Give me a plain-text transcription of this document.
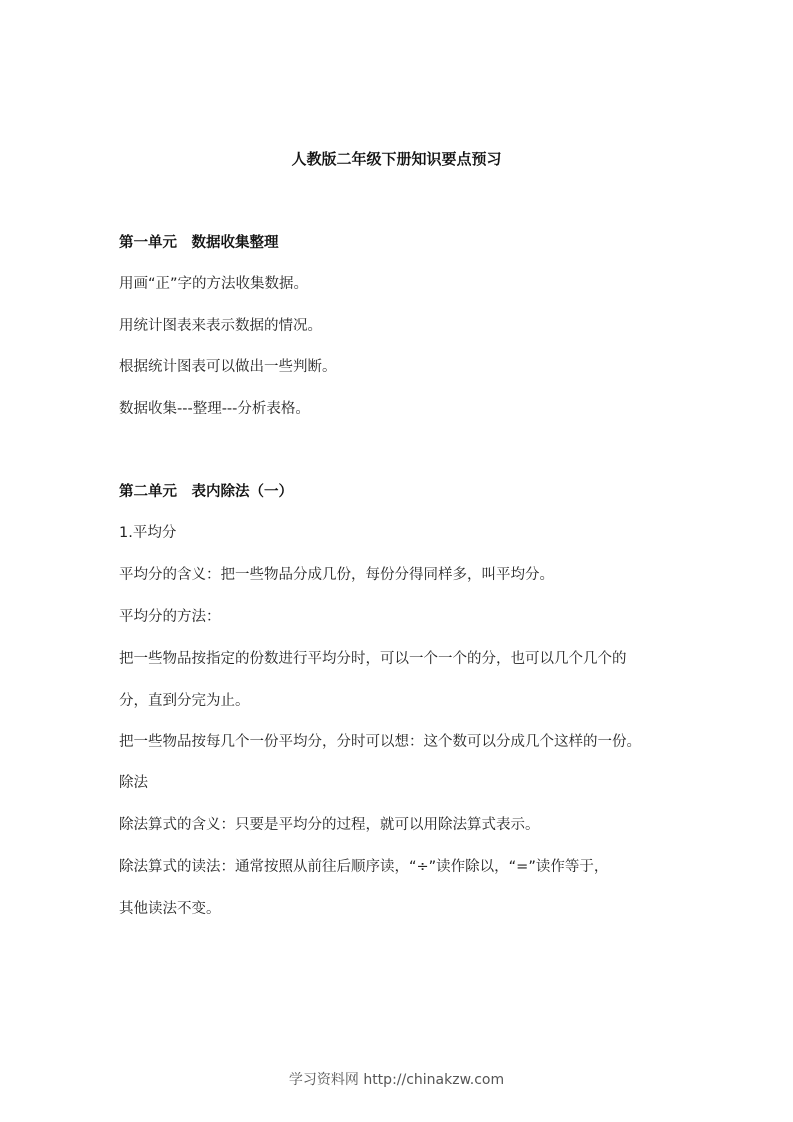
人教版二年级下册知识要点预习
第一单元　数据收集整理
用画“正”字的方法收集数据。
用统计图表来表示数据的情况。
根据统计图表可以做出一些判断。
数据收集---整理---分析表格。
第二单元　表内除法（一）
1.平均分
平均分的含义：把一些物品分成几份，每份分得同样多，叫平均分。
平均分的方法：
把一些物品按指定的份数进行平均分时，可以一个一个的分，也可以几个几个的
分，直到分完为止。
把一些物品按每几个一份平均分，分时可以想：这个数可以分成几个这样的一份。
除法
除法算式的含义：只要是平均分的过程，就可以用除法算式表示。
除法算式的读法：通常按照从前往后顺序读，“÷”读作除以，“=”读作等于，
其他读法不变。
学习资料网 http://chinakzw.com
